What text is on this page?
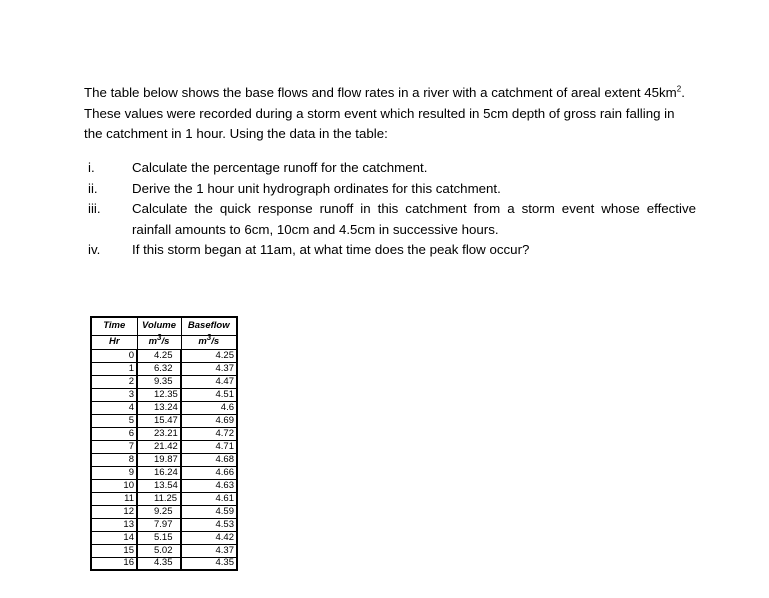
The table below shows the base flows and flow rates in a river with a catchment of areal extent $45km^2$. These values were recorded during a storm event which resulted in 5cm depth of gross rain falling in the catchment in 1 hour. Using the data in the table:

i.	Calculate the percentage runoff for the catchment.
ii.	Derive the 1 hour unit hydrograph ordinates for this catchment.
iii.	Calculate the quick response runoff in this catchment from a storm event whose effective rainfall amounts to 6cm, 10cm and 4.5cm in successive hours.
iv.	If this storm began at 11am, at what time does the peak flow occur?
Time	Volume	Baseflow
Hr	$m^3/s$	$m^3/s$
0	4.25	4.25
1	6.32	4.37
2	9.35	4.47
3	12.35	4.51
4	13.24	4.6
5	15.47	4.69
6	23.21	4.72
7	21.42	4.71
8	19.87	4.68
9	16.24	4.66
10	13.54	4.63
11	11.25	4.61
12	9.25	4.59
13	7.97	4.53
14	5.15	4.42
15	5.02	4.37
16	4.35	4.35
